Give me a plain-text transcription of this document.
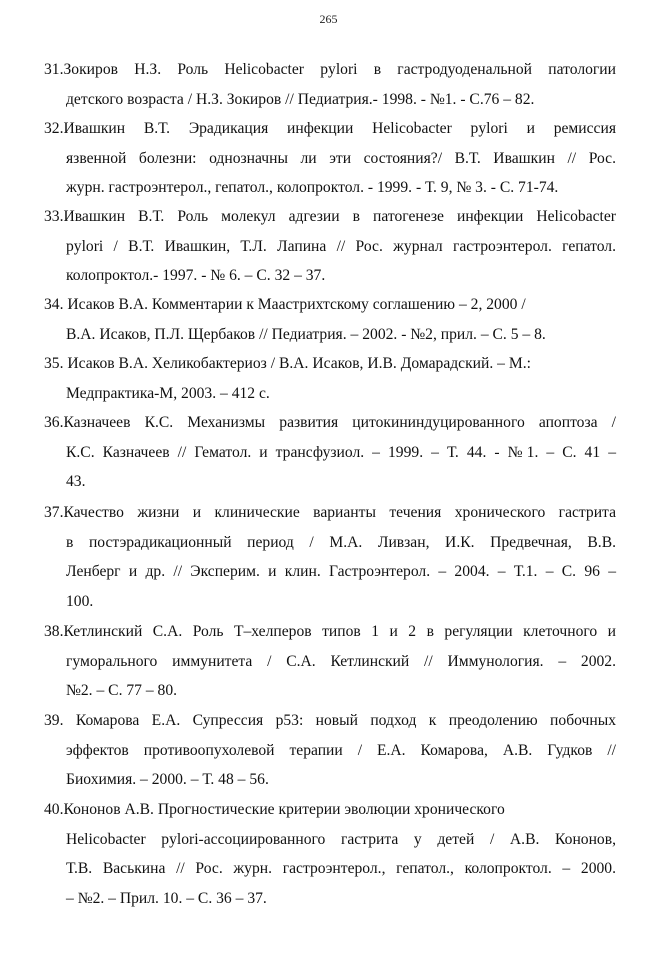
265
31.Зокиров Н.З. Роль Helicobacter pylori в гастродуоденальной патологии
детского возраста / Н.З. Зокиров // Педиатрия.- 1998. - №1. - С.76 – 82.
32.Ивашкин В.Т. Эрадикация инфекции Helicobacter pylori и ремиссия
язвенной болезни: однозначны ли эти состояния?/ В.Т. Ивашкин // Рос.
журн. гастроэнтерол., гепатол., колопроктол. - 1999. - Т. 9, № 3. - С. 71-74.
33.Ивашкин В.Т. Роль молекул адгезии в патогенезе инфекции Helicobacter
pylori / В.Т. Ивашкин, Т.Л. Лапина // Рос. журнал гастроэнтерол. гепатол.
колопроктол.- 1997. - № 6. – С. 32 – 37.
34. Исаков В.А. Комментарии к Маастрихтскому соглашению – 2, 2000 /
В.А. Исаков, П.Л. Щербаков // Педиатрия. – 2002. - №2, прил. – С. 5 – 8.
35. Исаков В.А. Хеликобактериоз / В.А. Исаков, И.В. Домарадский. – М.:
Медпрактика-М, 2003. – 412 с.
36.Казначеев К.С. Механизмы развития цитокининдуцированного апоптоза /
К.С. Казначеев // Гематол. и трансфузиол. – 1999. – Т. 44. - №1. – С. 41 –
43.
37.Качество жизни и клинические варианты течения хронического гастрита
в постэрадикационный период / М.А. Ливзан, И.К. Предвечная, В.В.
Ленберг и др. // Эксперим. и клин. Гастроэнтерол. – 2004. – Т.1. – С. 96 –
100.
38.Кетлинский С.А. Роль Т–хелперов типов 1 и 2 в регуляции клеточного и
гуморального иммунитета / С.А. Кетлинский // Иммунология. – 2002.
№2. – С. 77 – 80.
39. Комарова Е.А. Супрессия р53: новый подход к преодолению побочных
эффектов противоопухолевой терапии / Е.А. Комарова, А.В. Гудков //
Биохимия. – 2000. – Т. 48 – 56.
40.Кононов А.В. Прогностические критерии эволюции хронического
Helicobacter pylori-ассоциированного гастрита у детей / А.В. Кононов,
Т.В. Васькина // Рос. журн. гастроэнтерол., гепатол., колопроктол. – 2000.
– №2. – Прил. 10. – С. 36 – 37.
